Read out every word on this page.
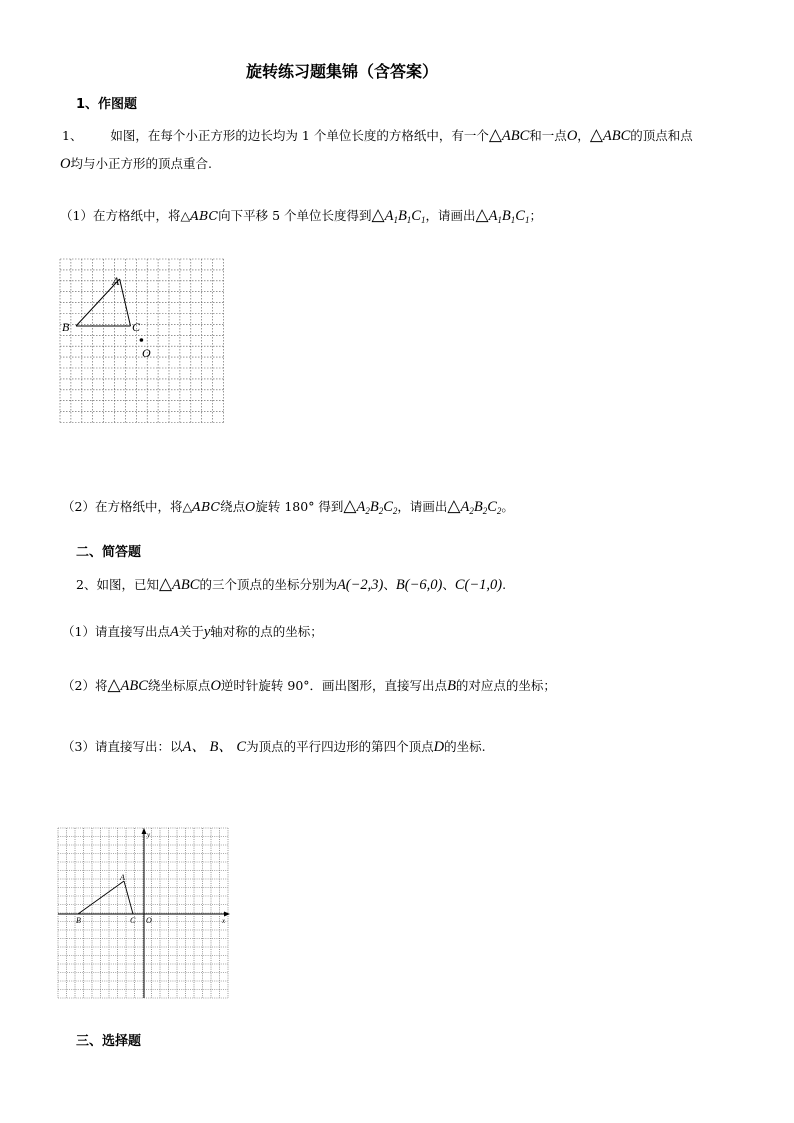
旋转练习题集锦（含答案）
1、作图题
1、 如图，在每个小正方形的边长均为 1 个单位长度的方格纸中，有一个△ABC和一点O，△ABC的顶点和点
O均与小正方形的顶点重合.
（1）在方格纸中，将△ABC向下平移 5 个单位长度得到$\triangle A_1B_1C_1$，请画出$\triangle A_1B_1C_1$；
A
B	C
O
（2）在方格纸中，将△ABC绕点O旋转 180° 得到$\triangle A_2B_2C_2$，请画出$\triangle A_2B_2C_2$。
二、简答题
2、如图，已知△ABC的三个顶点的坐标分别为A(−2,3)、B(−6,0)、C(−1,0).
（1）请直接写出点A关于y轴对称的点的坐标；
（2）将△ABC绕坐标原点O逆时针旋转 90°．画出图形，直接写出点B的对应点的坐标；
（3）请直接写出：以A、 B、 C为顶点的平行四边形的第四个顶点D的坐标.
A
B	C O	x
y
三、选择题
